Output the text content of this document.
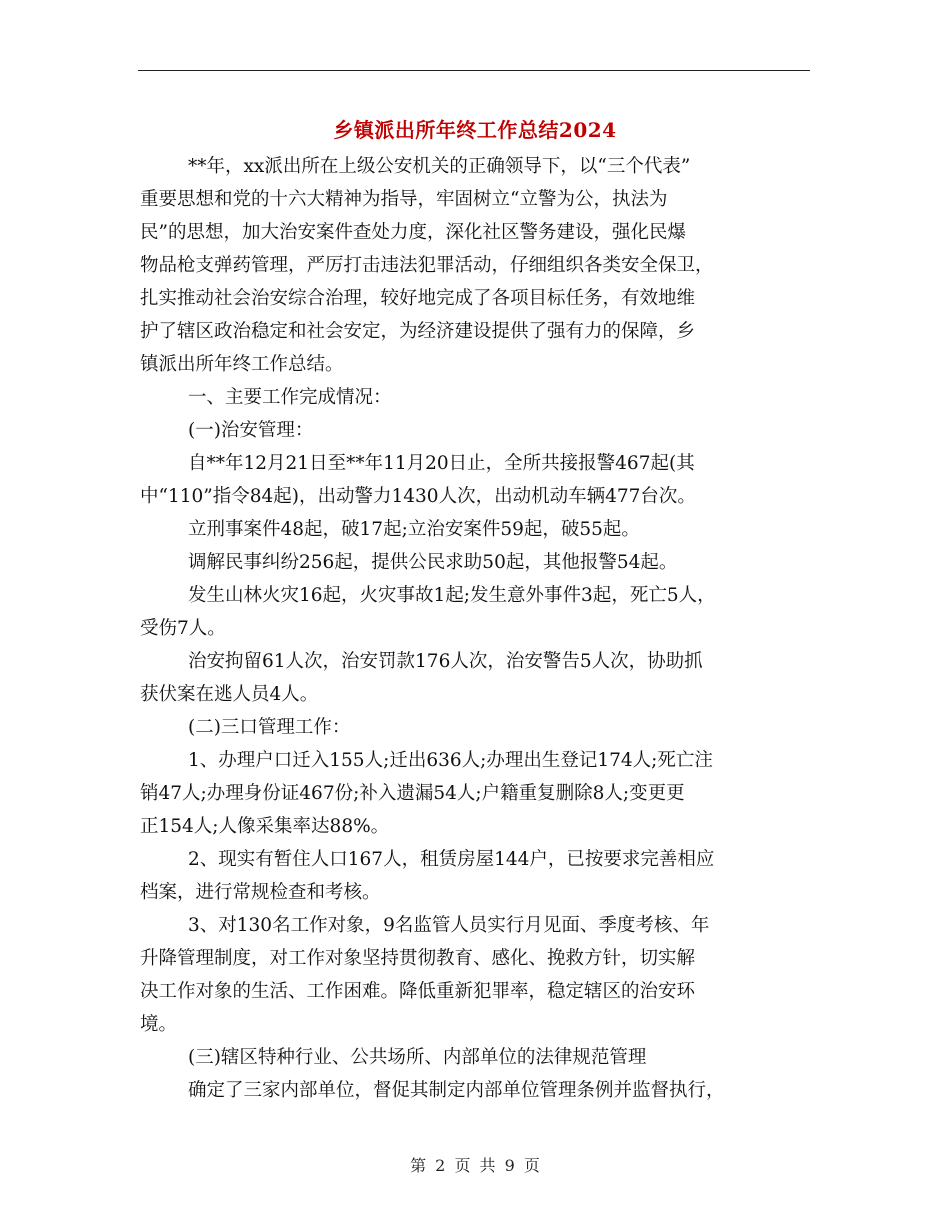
乡镇派出所年终工作总结2024
**年，xx派出所在上级公安机关的正确领导下，以“三个代表”
重要思想和党的十六大精神为指导，牢固树立“立警为公，执法为
民”的思想，加大治安案件查处力度，深化社区警务建设，强化民爆
物品枪支弹药管理，严厉打击违法犯罪活动，仔细组织各类安全保卫，
扎实推动社会治安综合治理，较好地完成了各项目标任务，有效地维
护了辖区政治稳定和社会安定，为经济建设提供了强有力的保障，乡
镇派出所年终工作总结。
一、主要工作完成情况：
(一)治安管理：
自**年12月21日至**年11月20日止，全所共接报警467起(其
中“110”指令84起)，出动警力1430人次，出动机动车辆477台次。
立刑事案件48起，破17起;立治安案件59起，破55起。
调解民事纠纷256起，提供公民求助50起，其他报警54起。
发生山林火灾16起，火灾事故1起;发生意外事件3起，死亡5人，
受伤7人。
治安拘留61人次，治安罚款176人次，治安警告5人次，协助抓
获伏案在逃人员4人。
(二)三口管理工作：
1、办理户口迁入155人;迁出636人;办理出生登记174人;死亡注
销47人;办理身份证467份;补入遗漏54人;户籍重复删除8人;变更更
正154人;人像采集率达88%。
2、现实有暂住人口167人，租赁房屋144户，已按要求完善相应
档案，进行常规检查和考核。
3、对130名工作对象，9名监管人员实行月见面、季度考核、年
升降管理制度，对工作对象坚持贯彻教育、感化、挽救方针，切实解
决工作对象的生活、工作困难。降低重新犯罪率，稳定辖区的治安环
境。
(三)辖区特种行业、公共场所、内部单位的法律规范管理
确定了三家内部单位，督促其制定内部单位管理条例并监督执行，
第 2 页 共 9 页
